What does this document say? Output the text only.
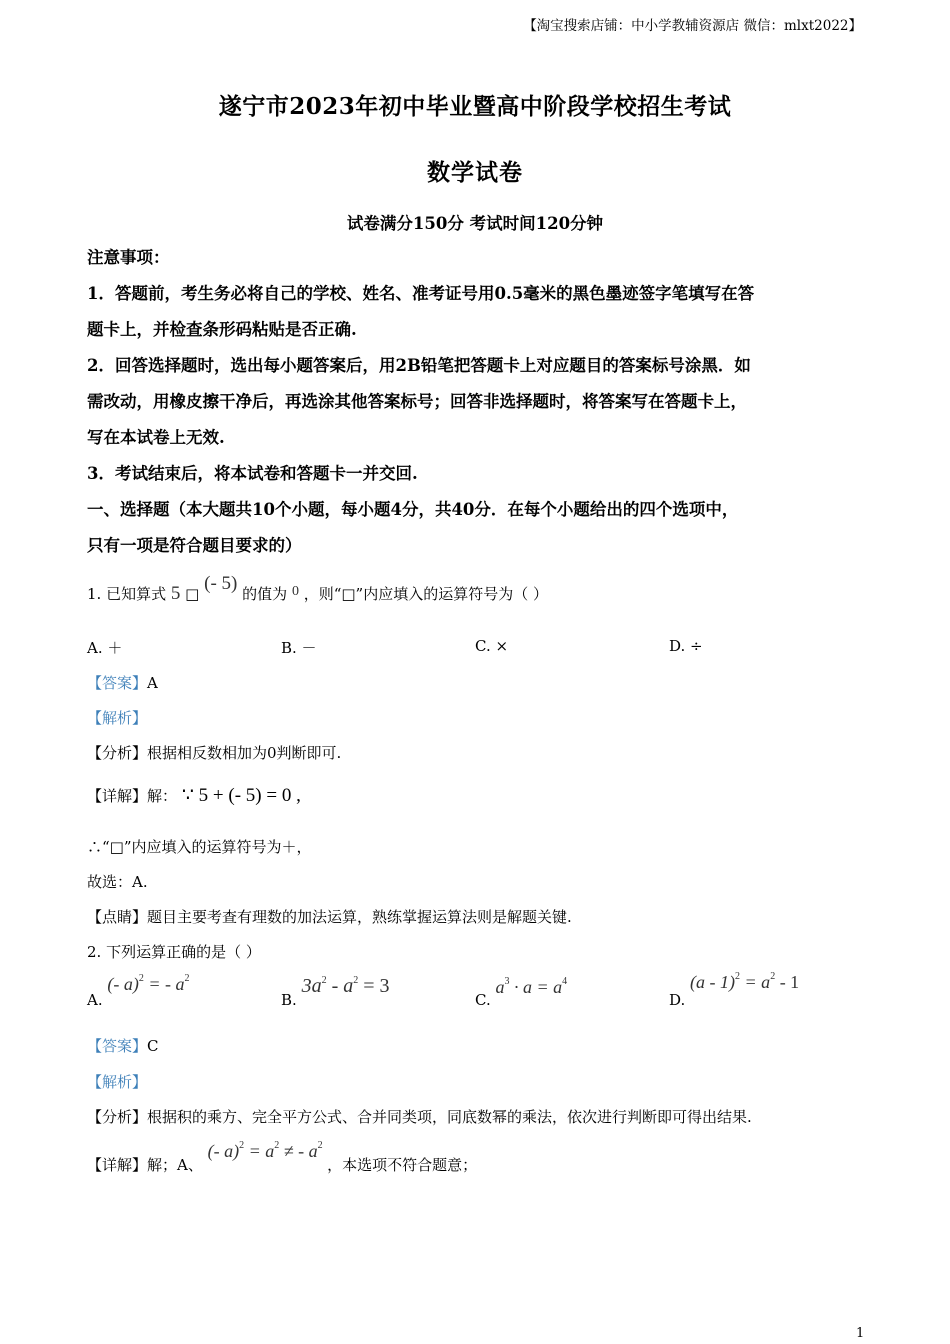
【淘宝搜索店铺：中小学教辅资源店 微信：mlxt2022】
遂宁市2023年初中毕业暨高中阶段学校招生考试
数学试卷
试卷满分150分 考试时间120分钟
注意事项：
1．答题前，考生务必将自己的学校、姓名、准考证号用0.5毫米的黑色墨迹签字笔填写在答
题卡上，并检查条形码粘贴是否正确.
2．回答选择题时，选出每小题答案后，用2B铅笔把答题卡上对应题目的答案标号涂黑．如
需改动，用橡皮擦干净后，再选涂其他答案标号；回答非选择题时，将答案写在答题卡上，
写在本试卷上无效.
3．考试结束后，将本试卷和答题卡一并交回.
一、选择题（本大题共10个小题，每小题4分，共40分．在每个小题给出的四个选项中，
只有一项是符合题目要求的）
1. 已知算式 5 □ (- 5) 的值为 0 ，则“□”内应填入的运算符号为（ ）
A. ＋	B. －	C. ×	D. ÷
【答案】A
【解析】
【分析】根据相反数相加为0判断即可.
【详解】解： ∵ 5 + (- 5) = 0 ,
∴“□”内应填入的运算符号为＋，
故选：A.
【点睛】题目主要考查有理数的加法运算，熟练掌握运算法则是解题关键.
2. 下列运算正确的是（ ）
A. (- a)$^2$ = - $a^2$
B. $3a^2 - a^2 = 3$
C. $a^3 \cdot a = a^4$
D. $(a - 1)^2 = a^2 - 1$
【答案】C
【解析】
【分析】根据积的乘方、完全平方公式、合并同类项，同底数幂的乘法，依次进行判断即可得出结果.
【详解】解；A、 (- $a)^2 = a^2$ ≠ - $a^2$ ，本选项不符合题意；
1
